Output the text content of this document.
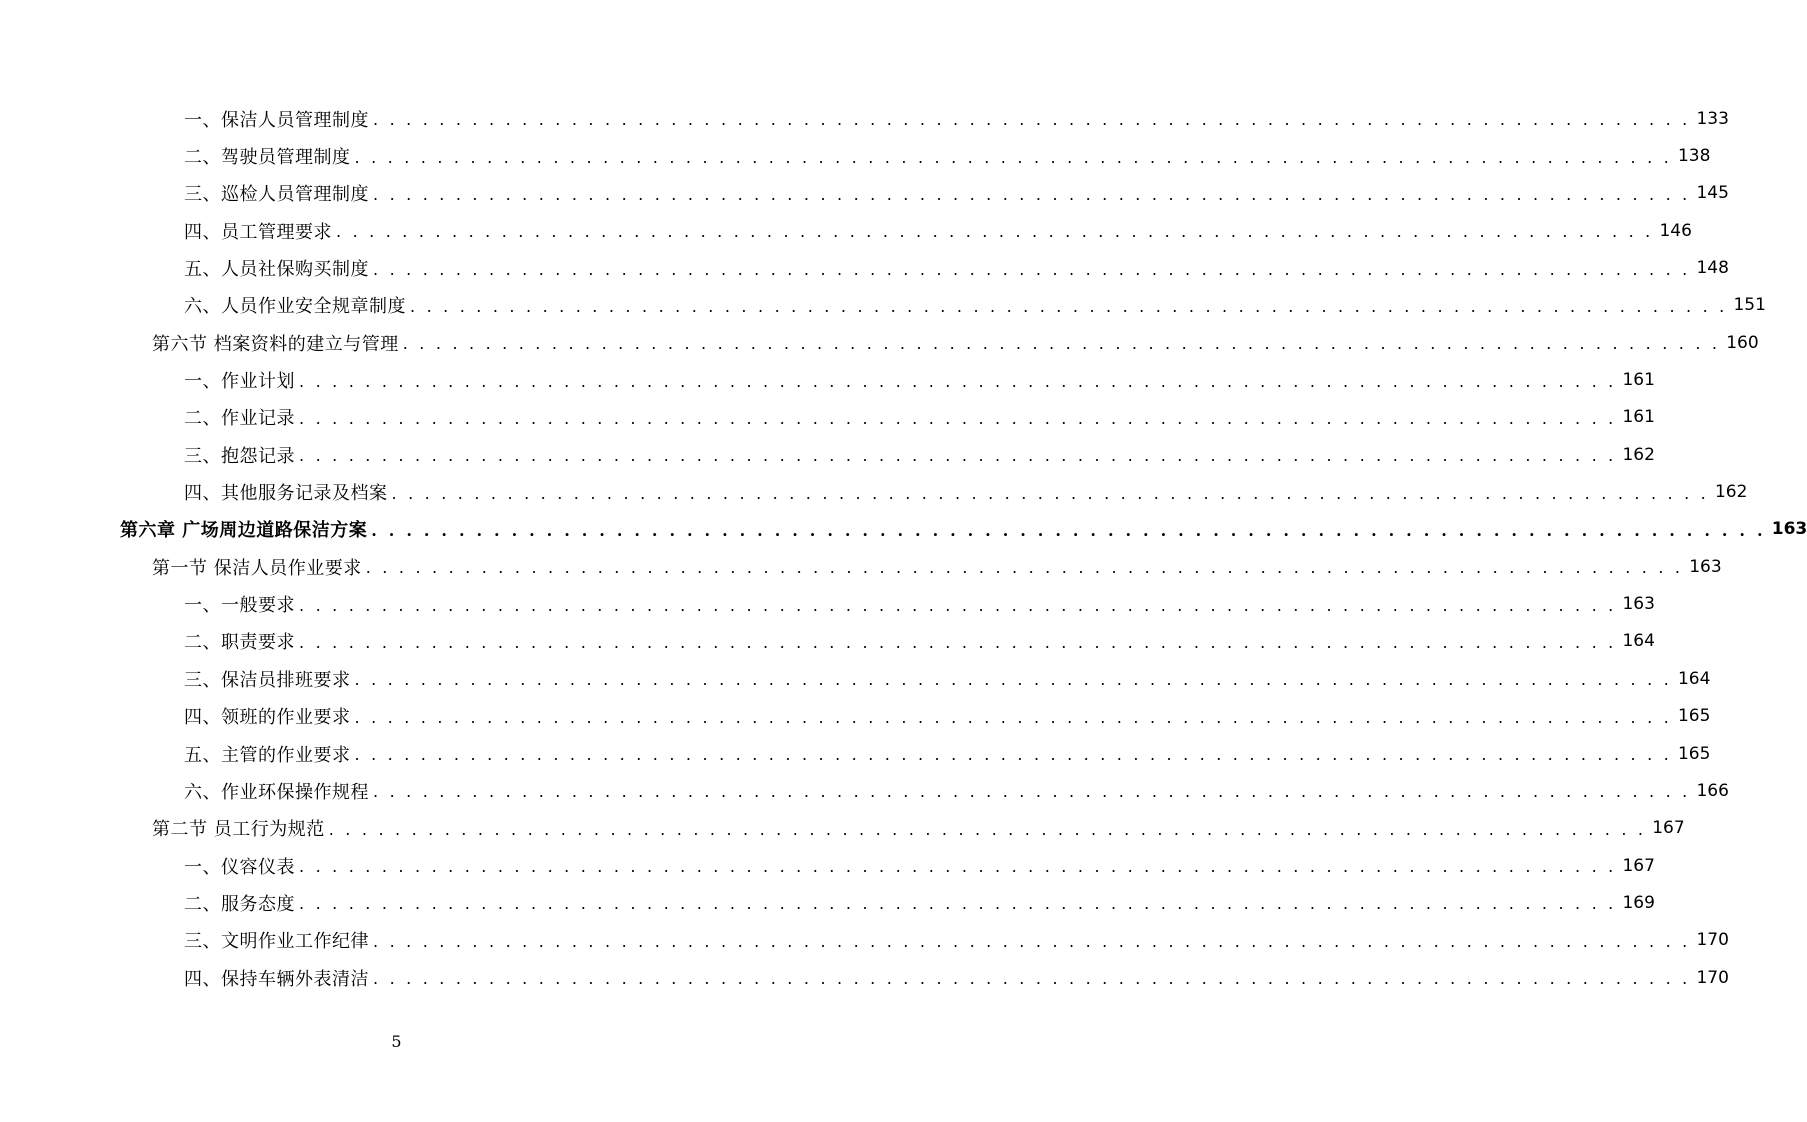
一、保洁人员管理制度 . . . . . . . . . . . . . . . . . . . . . . . . . . . . . . . . . . . . . . . . . . . . . . . . . . . . . . . . . . . . . . . . . . . . . . . . . . . . . . . . 133
二、驾驶员管理制度 . . . . . . . . . . . . . . . . . . . . . . . . . . . . . . . . . . . . . . . . . . . . . . . . . . . . . . . . . . . . . . . . . . . . . . . . . . . . . . . . 138
三、巡检人员管理制度 . . . . . . . . . . . . . . . . . . . . . . . . . . . . . . . . . . . . . . . . . . . . . . . . . . . . . . . . . . . . . . . . . . . . . . . . . . . . . . . . 145
四、员工管理要求 . . . . . . . . . . . . . . . . . . . . . . . . . . . . . . . . . . . . . . . . . . . . . . . . . . . . . . . . . . . . . . . . . . . . . . . . . . . . . . . . 146
五、人员社保购买制度 . . . . . . . . . . . . . . . . . . . . . . . . . . . . . . . . . . . . . . . . . . . . . . . . . . . . . . . . . . . . . . . . . . . . . . . . . . . . . . . . 148
六、人员作业安全规章制度 . . . . . . . . . . . . . . . . . . . . . . . . . . . . . . . . . . . . . . . . . . . . . . . . . . . . . . . . . . . . . . . . . . . . . . . . . . . . . . . . 151
第六节 档案资料的建立与管理 . . . . . . . . . . . . . . . . . . . . . . . . . . . . . . . . . . . . . . . . . . . . . . . . . . . . . . . . . . . . . . . . . . . . . . . . . . . . . . . . 160
一、作业计划 . . . . . . . . . . . . . . . . . . . . . . . . . . . . . . . . . . . . . . . . . . . . . . . . . . . . . . . . . . . . . . . . . . . . . . . . . . . . . . . . 161
二、作业记录 . . . . . . . . . . . . . . . . . . . . . . . . . . . . . . . . . . . . . . . . . . . . . . . . . . . . . . . . . . . . . . . . . . . . . . . . . . . . . . . . 161
三、抱怨记录 . . . . . . . . . . . . . . . . . . . . . . . . . . . . . . . . . . . . . . . . . . . . . . . . . . . . . . . . . . . . . . . . . . . . . . . . . . . . . . . . 162
四、其他服务记录及档案 . . . . . . . . . . . . . . . . . . . . . . . . . . . . . . . . . . . . . . . . . . . . . . . . . . . . . . . . . . . . . . . . . . . . . . . . . . . . . . . . 162
第六章 广场周边道路保洁方案 . . . . . . . . . . . . . . . . . . . . . . . . . . . . . . . . . . . . . . . . . . . . . . . . . . . . . . . . . . . . . . . . . . . . . . . . . . . . . . . . 163
第一节 保洁人员作业要求 . . . . . . . . . . . . . . . . . . . . . . . . . . . . . . . . . . . . . . . . . . . . . . . . . . . . . . . . . . . . . . . . . . . . . . . . . . . . . . . . 163
一、一般要求 . . . . . . . . . . . . . . . . . . . . . . . . . . . . . . . . . . . . . . . . . . . . . . . . . . . . . . . . . . . . . . . . . . . . . . . . . . . . . . . . 163
二、职责要求 . . . . . . . . . . . . . . . . . . . . . . . . . . . . . . . . . . . . . . . . . . . . . . . . . . . . . . . . . . . . . . . . . . . . . . . . . . . . . . . . 164
三、保洁员排班要求 . . . . . . . . . . . . . . . . . . . . . . . . . . . . . . . . . . . . . . . . . . . . . . . . . . . . . . . . . . . . . . . . . . . . . . . . . . . . . . . . 164
四、领班的作业要求 . . . . . . . . . . . . . . . . . . . . . . . . . . . . . . . . . . . . . . . . . . . . . . . . . . . . . . . . . . . . . . . . . . . . . . . . . . . . . . . . 165
五、主管的作业要求 . . . . . . . . . . . . . . . . . . . . . . . . . . . . . . . . . . . . . . . . . . . . . . . . . . . . . . . . . . . . . . . . . . . . . . . . . . . . . . . . 165
六、作业环保操作规程 . . . . . . . . . . . . . . . . . . . . . . . . . . . . . . . . . . . . . . . . . . . . . . . . . . . . . . . . . . . . . . . . . . . . . . . . . . . . . . . . 166
第二节 员工行为规范 . . . . . . . . . . . . . . . . . . . . . . . . . . . . . . . . . . . . . . . . . . . . . . . . . . . . . . . . . . . . . . . . . . . . . . . . . . . . . . . . 167
一、仪容仪表 . . . . . . . . . . . . . . . . . . . . . . . . . . . . . . . . . . . . . . . . . . . . . . . . . . . . . . . . . . . . . . . . . . . . . . . . . . . . . . . . 167
二、服务态度 . . . . . . . . . . . . . . . . . . . . . . . . . . . . . . . . . . . . . . . . . . . . . . . . . . . . . . . . . . . . . . . . . . . . . . . . . . . . . . . . 169
三、文明作业工作纪律 . . . . . . . . . . . . . . . . . . . . . . . . . . . . . . . . . . . . . . . . . . . . . . . . . . . . . . . . . . . . . . . . . . . . . . . . . . . . . . . . 170
四、保持车辆外表清洁 . . . . . . . . . . . . . . . . . . . . . . . . . . . . . . . . . . . . . . . . . . . . . . . . . . . . . . . . . . . . . . . . . . . . . . . . . . . . . . . . 170
5
